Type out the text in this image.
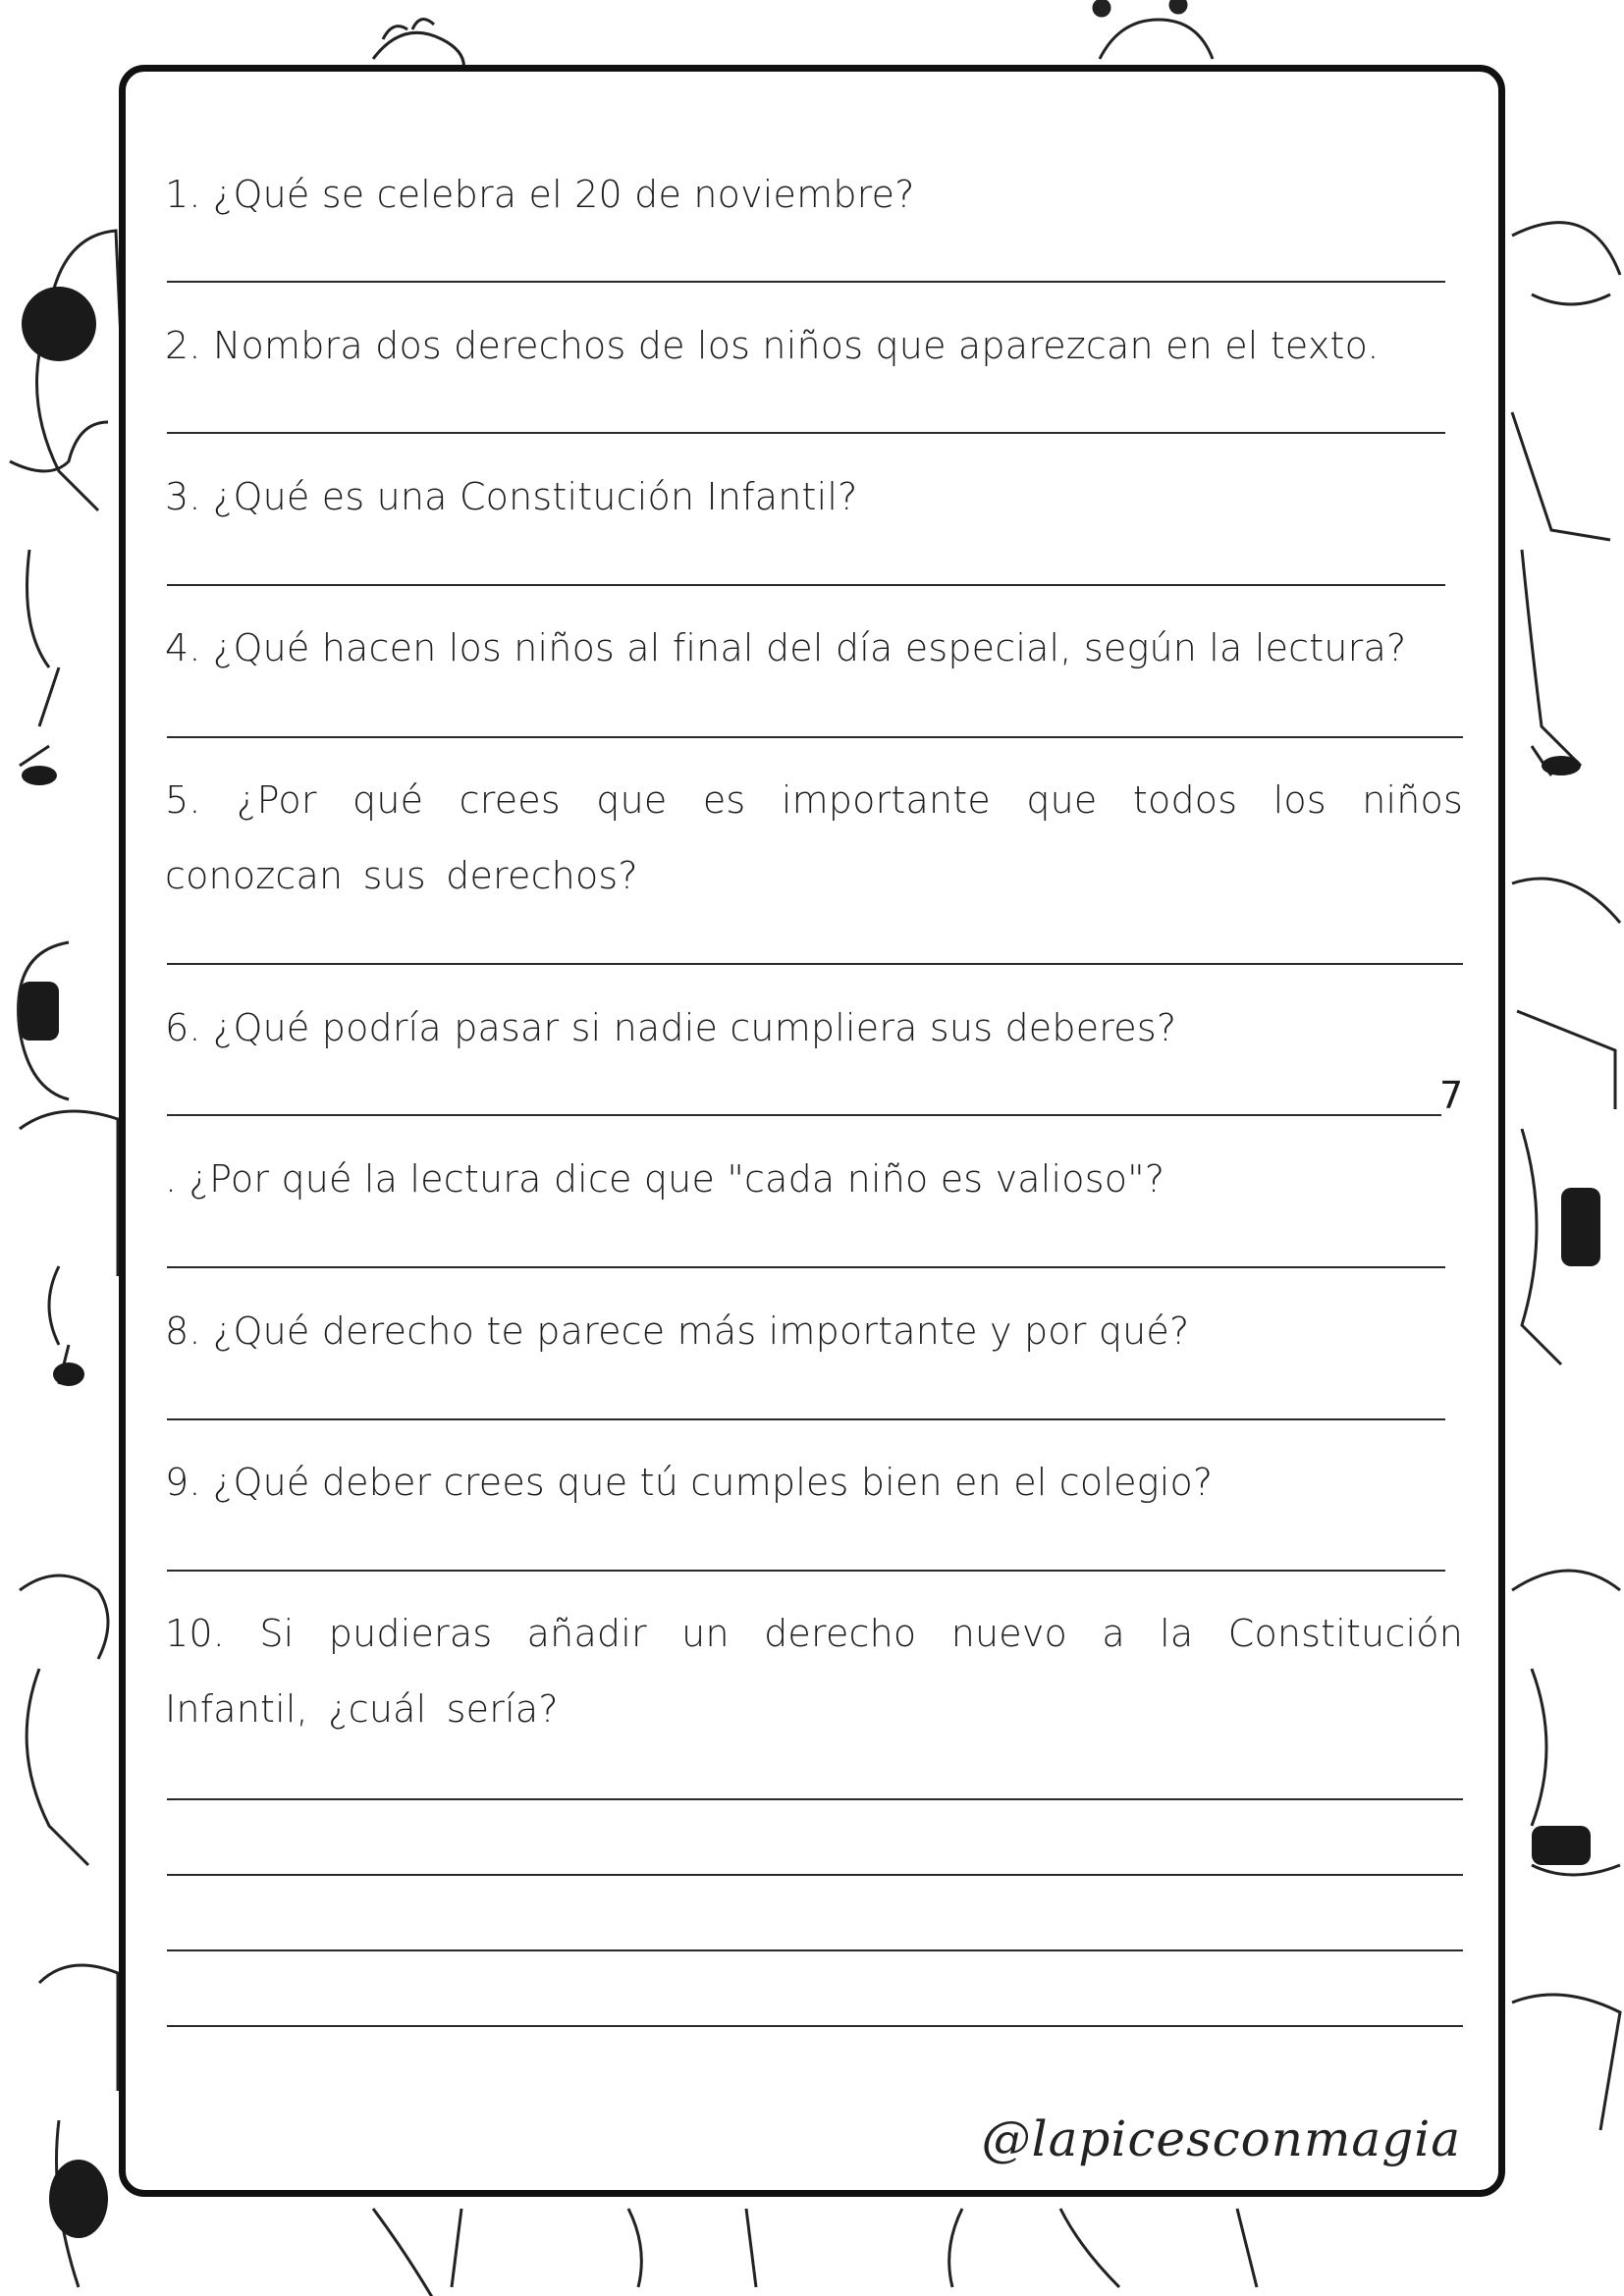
1. ¿Qué se celebra el 20 de noviembre?

2. Nombra dos derechos de los niños que aparezcan en el texto.

3. ¿Qué es una Constitución Infantil?

4. ¿Qué hacen los niños al final del día especial, según la lectura?

5. ¿Por qué crees que es importante que todos los niños conozcan sus derechos?

6. ¿Qué podría pasar si nadie cumpliera sus deberes?

7

. ¿Por qué la lectura dice que "cada niño es valioso"?

8. ¿Qué derecho te parece más importante y por qué?

9. ¿Qué deber crees que tú cumples bien en el colegio?

10. Si pudieras añadir un derecho nuevo a la Constitución Infantil, ¿cuál sería?

@lapicesconmagia
